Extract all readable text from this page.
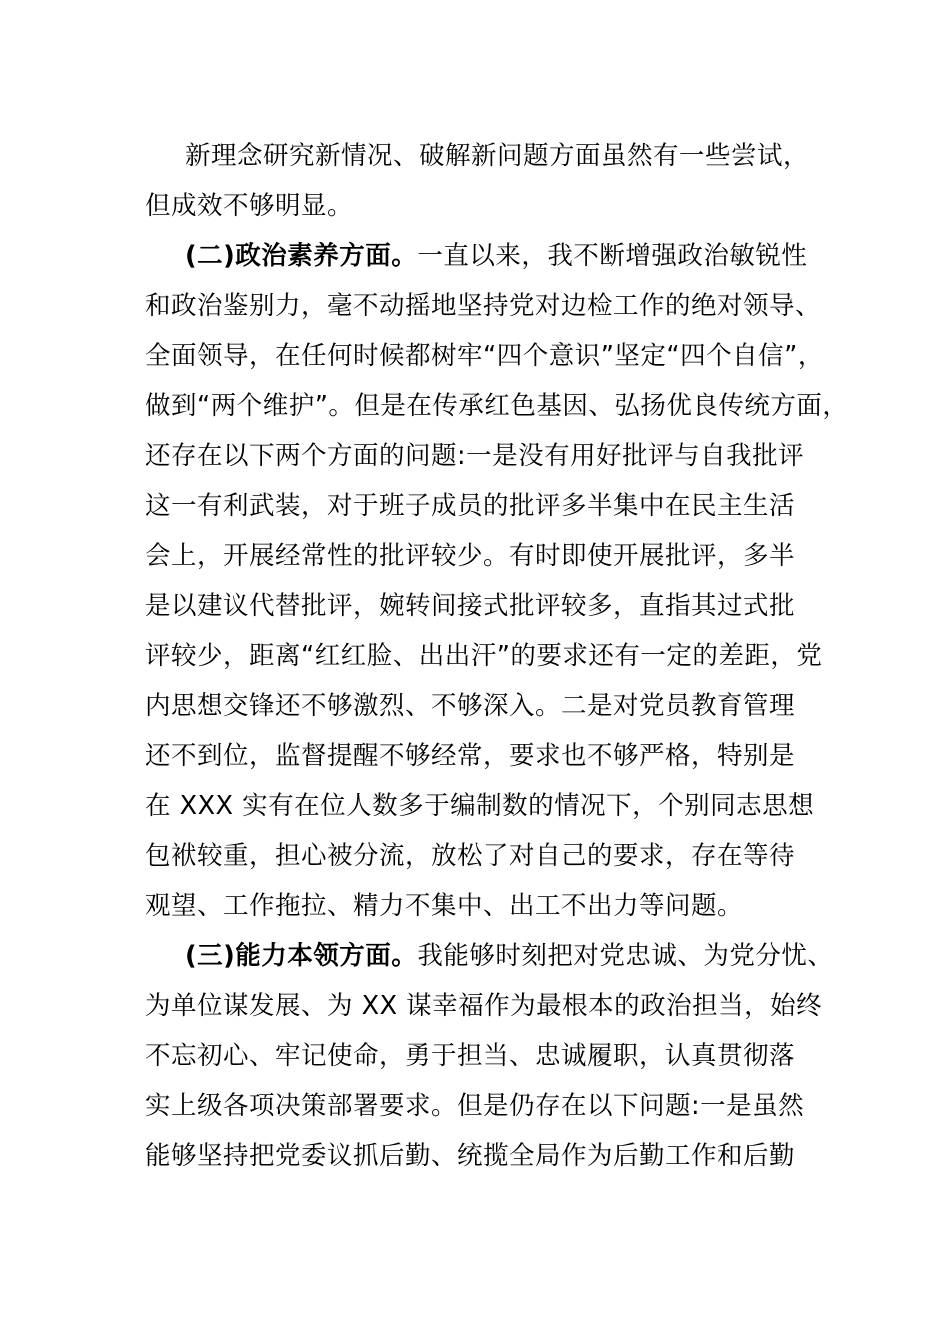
新理念研究新情况、破解新问题方面虽然有一些尝试，
但成效不够明显。
(二)政治素养方面。一直以来，我不断增强政治敏锐性
和政治鉴别力，毫不动摇地坚持党对边检工作的绝对领导、
全面领导，在任何时候都树牢“四个意识”坚定“四个自信”，
做到“两个维护”。但是在传承红色基因、弘扬优良传统方面，
还存在以下两个方面的问题:一是没有用好批评与自我批评
这一有利武装，对于班子成员的批评多半集中在民主生活
会上，开展经常性的批评较少。有时即使开展批评，多半
是以建议代替批评，婉转间接式批评较多，直指其过式批
评较少，距离“红红脸、出出汗”的要求还有一定的差距，党
内思想交锋还不够激烈、不够深入。二是对党员教育管理
还不到位，监督提醒不够经常，要求也不够严格，特别是
在 XXX 实有在位人数多于编制数的情况下，个别同志思想
包袱较重，担心被分流，放松了对自己的要求，存在等待
观望、工作拖拉、精力不集中、出工不出力等问题。
(三)能力本领方面。我能够时刻把对党忠诚、为党分忧、
为单位谋发展、为 XX 谋幸福作为最根本的政治担当，始终
不忘初心、牢记使命，勇于担当、忠诚履职，认真贯彻落
实上级各项决策部署要求。但是仍存在以下问题:一是虽然
能够坚持把党委议抓后勤、统揽全局作为后勤工作和后勤
